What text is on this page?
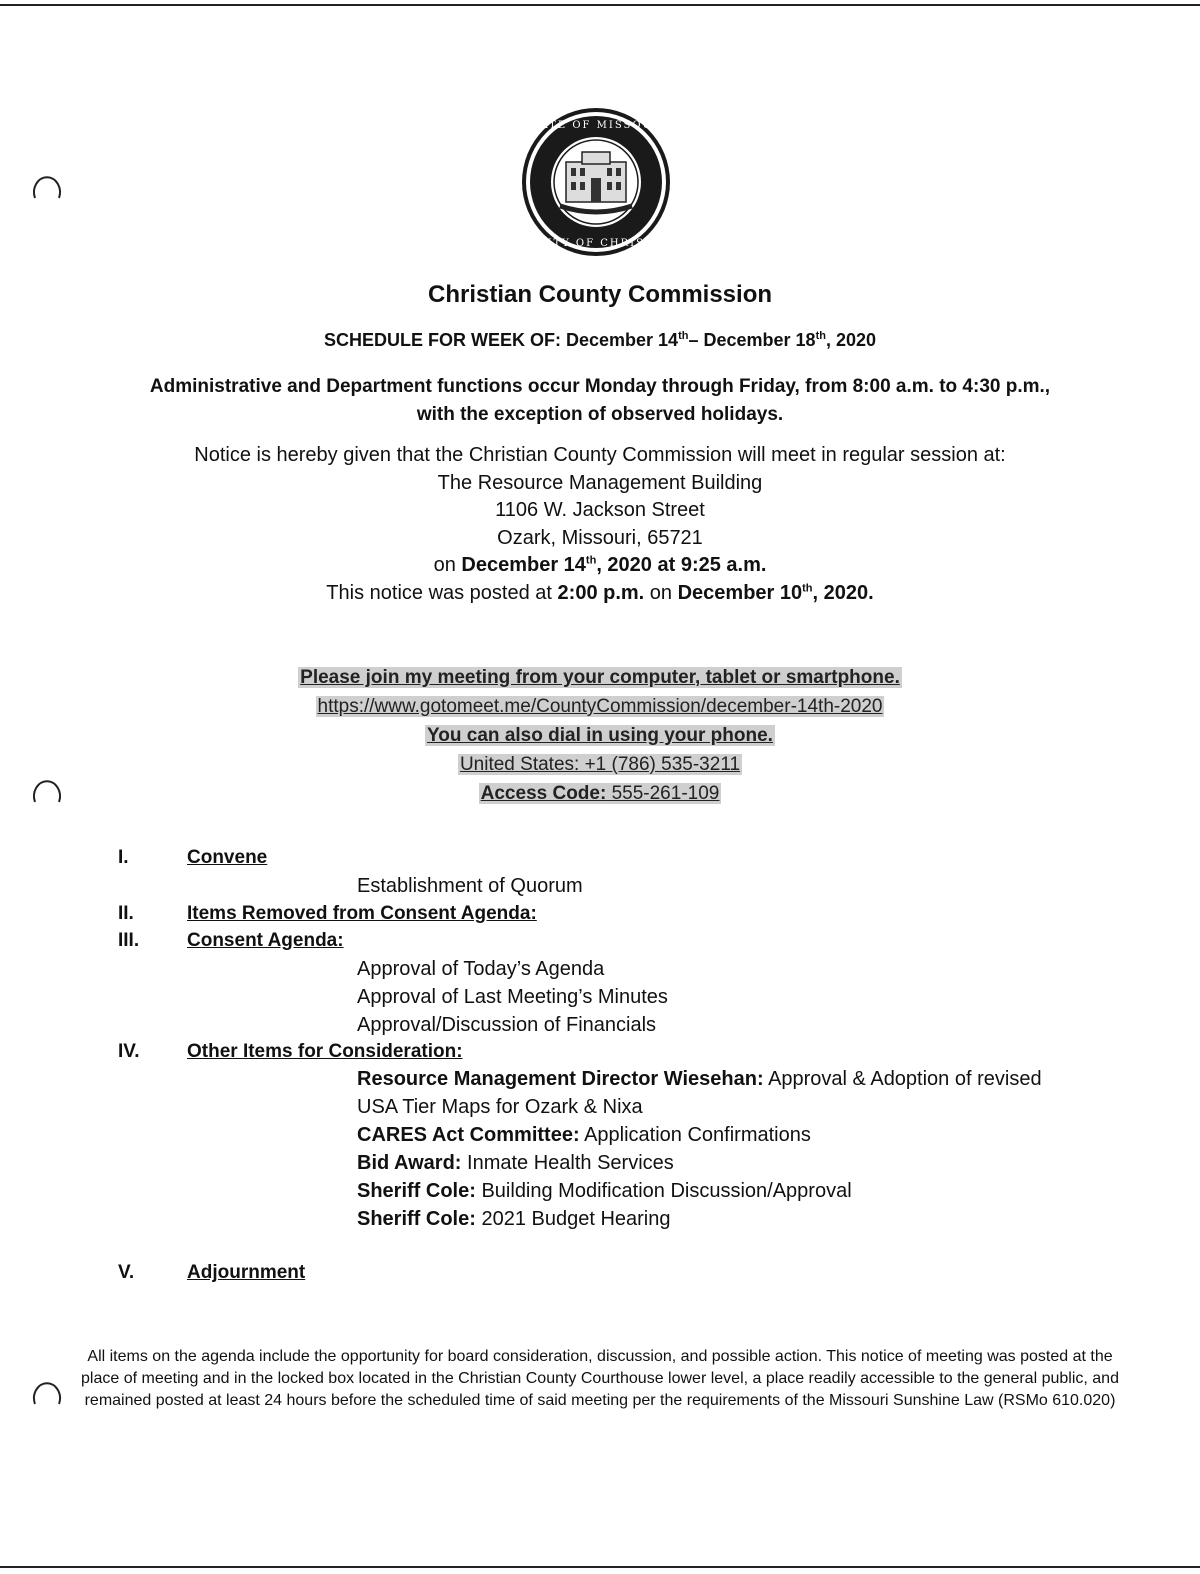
★ STATE OF MISSOURI ★
COUNTY OF CHRISTIAN
Christian County Commission
SCHEDULE FOR WEEK OF: December 14th– December 18th, 2020
Administrative and Department functions occur Monday through Friday, from 8:00 a.m. to 4:30 p.m.,
with the exception of observed holidays.
Notice is hereby given that the Christian County Commission will meet in regular session at:
The Resource Management Building
1106 W. Jackson Street
Ozark, Missouri, 65721
on December 14th, 2020 at 9:25 a.m.
This notice was posted at 2:00 p.m. on December 10th, 2020.
Please join my meeting from your computer, tablet or smartphone.
https://www.gotomeet.me/CountyCommission/december-14th-2020
You can also dial in using your phone.
United States: +1 (786) 535-3211
Access Code: 555-261-109
I.	Convene
Establishment of Quorum
II.	Items Removed from Consent Agenda:
III.	Consent Agenda:
Approval of Today’s Agenda
Approval of Last Meeting’s Minutes
Approval/Discussion of Financials
IV.	Other Items for Consideration:
Resource Management Director Wiesehan: Approval & Adoption of revised USA Tier Maps for Ozark & Nixa
CARES Act Committee: Application Confirmations
Bid Award: Inmate Health Services
Sheriff Cole: Building Modification Discussion/Approval
Sheriff Cole: 2021 Budget Hearing
V.	Adjournment
All items on the agenda include the opportunity for board consideration, discussion, and possible action. This notice of meeting was posted at the place of meeting and in the locked box located in the Christian County Courthouse lower level, a place readily accessible to the general public, and remained posted at least 24 hours before the scheduled time of said meeting per the requirements of the Missouri Sunshine Law (RSMo 610.020)
